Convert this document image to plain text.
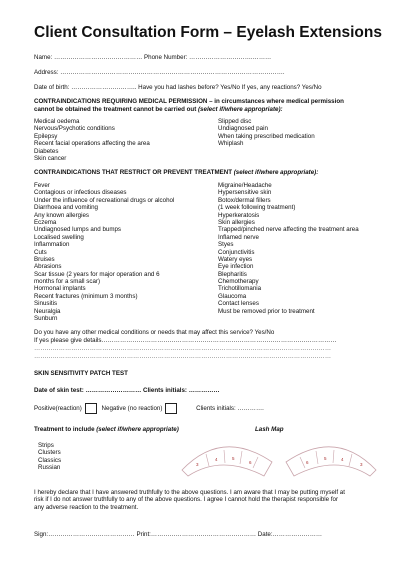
Client Consultation Form – Eyelash Extensions
Name: ……………………….…………… Phone Number: ………………………….………
Address: ……………………………………………………………………………………………….
Date of birth: ………………………….. Have you had lashes before? Yes/No If yes, any reactions? Yes/No
CONTRAINDICATIONS REQUIRING MEDICAL PERMISSION – in circumstances where medical permission
cannot be obtained the treatment cannot be carried out (select if/where appropriate):
Medical oedema
Nervous/Psychotic conditions
Epilepsy
Recent facial operations affecting the area
Diabetes
Skin cancer
Slipped disc
Undiagnosed pain
When taking prescribed medication
Whiplash
CONTRAINDICATIONS THAT RESTRICT OR PREVENT TREATMENT (select if/where appropriate):
Fever
Contagious or infectious diseases
Under the influence of recreational drugs or alcohol
Diarrhoea and vomiting
Any known allergies
Eczema
Undiagnosed lumps and bumps
Localised swelling
Inflammation
Cuts
Bruises
Abrasions
Scar tissue (2 years for major operation and 6
months for a small scar)
Hormonal implants
Recent fractures (minimum 3 months)
Sinusitis
Neuralgia
Sunburn
Migraine/Headache
Hypersensitive skin
Botox/dermal fillers
(1 week following treatment)
Hyperkeratosis
Skin allergies
Trapped/pinched nerve affecting the treatment area
Inflamed nerve
Styes
Conjunctivitis
Watery eyes
Eye infection
Blepharitis
Chemotherapy
Trichotillomania
Glaucoma
Contact lenses
Must be removed prior to treatment
Do you have any other medical conditions or needs that may affect this service? Yes/No
If yes please give details……………………………………………………………………………………………………
………………………………………………………………………………………………………………………………
………………………………………………………………………………………………………………………………
SKIN SENSITIVITY PATCH TEST
Date of skin test: ……………………… Clients initials: ……………
Positive(reaction)	Negative (no reaction)	Clients initials: ………….
Treatment to include (select if/where appropriate)	Lash Map
Strips
Clusters
Classics
Russian	3
4	5
6	6
5	4
3
I hereby declare that I have answered truthfully to the above questions. I am aware that I may be putting myself at
risk if I do not answer truthfully to any of the above questions. I agree I cannot hold the therapist responsible for
any adverse reaction to the treatment.
Sign:…………………………………… Print:…………………………………………… Date:……………………
